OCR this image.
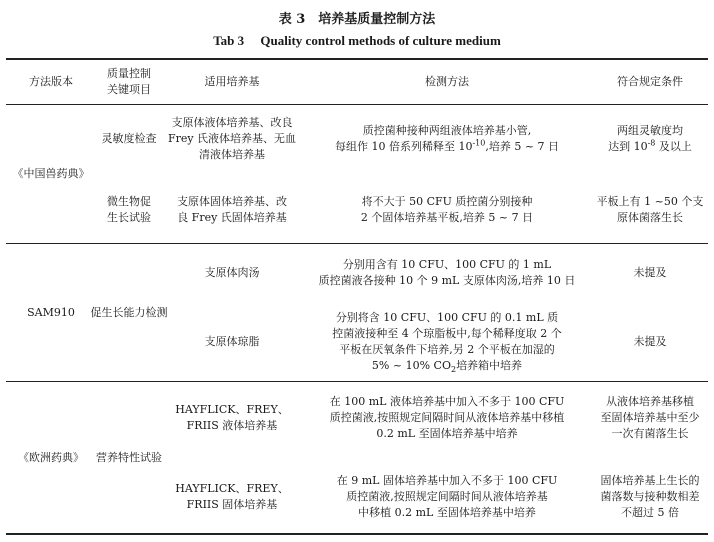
表 3　培养基质量控制方法
Tab 3　 Quality control methods of culture medium
方法版本
质量控制
关键项目
适用培养基	检测方法	符合规定条件
《中国兽药典》
灵敏度检查
支原体液体培养基、改良
Frey 氏液体培养基、无血
清液体培养基
质控菌种接种两组液体培养基小管,
每组作 10 倍系列稀释至 $10^{-10}$,培养 5 ~ 7 日
两组灵敏度均
达到 $10^{-8}$ 及以上
微生物促
生长试验
支原体固体培养基、改
良 Frey 氏固体培养基
将不大于 50 CFU 质控菌分别接种
2 个固体培养基平板,培养 5 ~ 7 日
平板上有 1 ~50 个支
原体菌落生长
SAM910 促生长能力检测
支原体肉汤
分别用含有 10 CFU、100 CFU 的 1 mL
质控菌液各接种 10 个 9 mL 支原体肉汤,培养 10 日
未提及
支原体琼脂
分别将含 10 CFU、100 CFU 的 0.1 mL 质
控菌液接种至 4 个琼脂板中,每个稀释度取 2 个
平板在厌氧条件下培养,另 2 个平板在加湿的
5% ~ 10% $CO_2$培养箱中培养
未提及
《欧洲药典》 营养特性试验
HAYFLICK、FREY、
FRIIS 液体培养基
在 100 mL 液体培养基中加入不多于 100 CFU
质控菌液,按照规定间隔时间从液体培养基中移植
0.2 mL 至固体培养基中培养
从液体培养基移植
至固体培养基中至少
一次有菌落生长
HAYFLICK、FREY、
FRIIS 固体培养基
在 9 mL 固体培养基中加入不多于 100 CFU
质控菌液,按照规定间隔时间从液体培养基
中移植 0.2 mL 至固体培养基中培养
固体培养基上生长的
菌落数与接种数相差
不超过 5 倍
